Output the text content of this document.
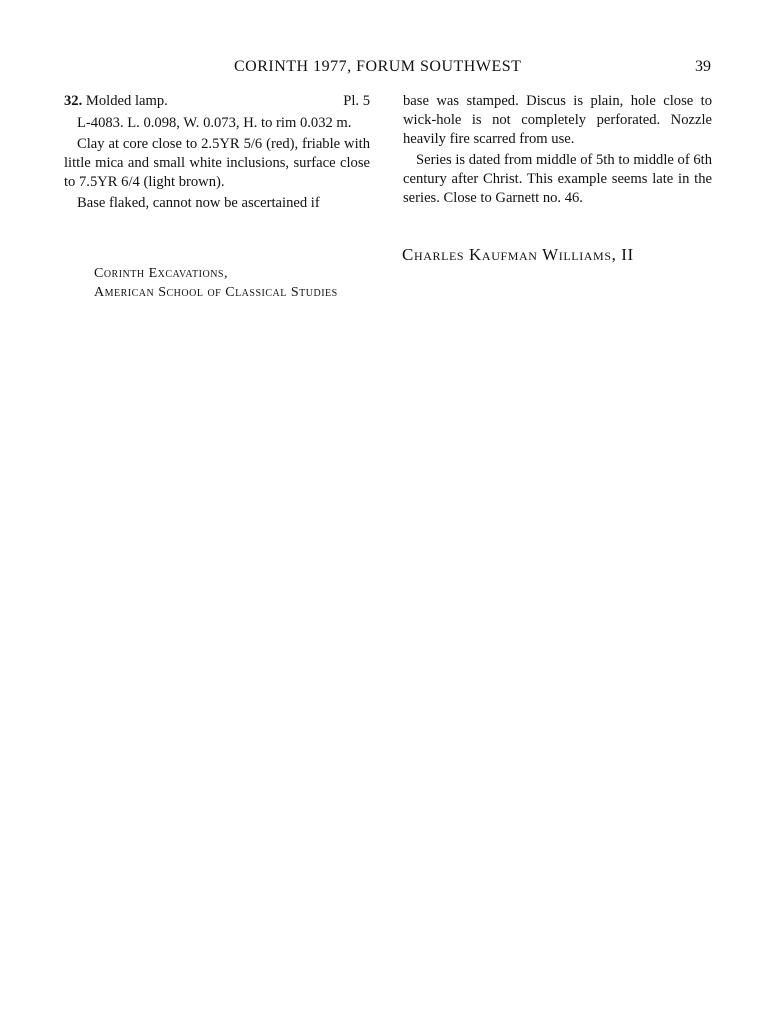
CORINTH 1977, FORUM SOUTHWEST	39
32. Molded lamp.	Pl. 5

L-4083. L. 0.098, W. 0.073, H. to rim 0.032 m.

Clay at core close to 2.5YR 5/6 (red), friable with little mica and small white inclusions, surface close to 7.5YR 6/4 (light brown).

Base flaked, cannot now be ascertained if

base was stamped. Discus is plain, hole close to wick-hole is not completely perforated. Nozzle heavily fire scarred from use.

Series is dated from middle of 5th to middle of 6th century after Christ. This example seems late in the series. Close to Garnett no. 46.

Charles Kaufman Williams, II
Corinth Excavations,
American School of Classical Studies
